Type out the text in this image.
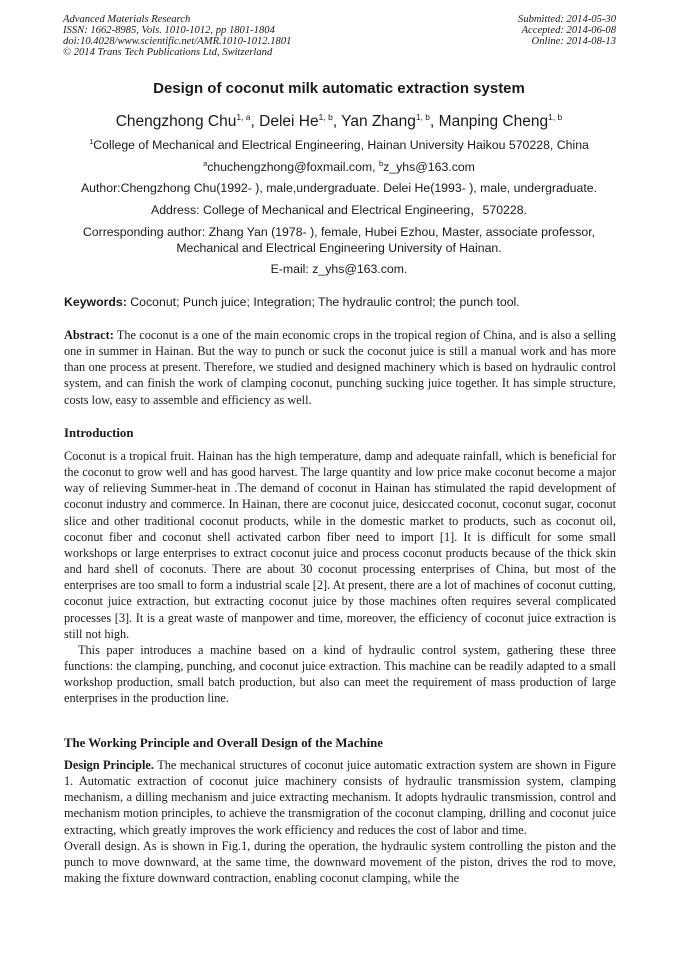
Advanced Materials Research
ISSN: 1662-8985, Vols. 1010-1012, pp 1801-1804
doi:10.4028/www.scientific.net/AMR.1010-1012.1801
© 2014 Trans Tech Publications Ltd, Switzerland
Submitted: 2014-05-30
Accepted: 2014-06-08
Online: 2014-08-13
Design of coconut milk automatic extraction system
Chengzhong Chu$^{1, a}$, Delei He$^{1, b}$, Yan Zhang$^{1, b}$, Manping Cheng$^{1, b}$
$^1$College of Mechanical and Electrical Engineering, Hainan University Haikou 570228, China
$^a$chuchengzhong@foxmail.com, $^b$z_yhs@163.com
Author:Chengzhong Chu(1992- ), male,undergraduate. Delei He(1993- ), male, undergraduate.
Address: College of Mechanical and Electrical Engineering，570228.
Corresponding author: Zhang Yan (1978- ), female, Hubei Ezhou, Master, associate professor, Mechanical and Electrical Engineering University of Hainan.
E-mail: z_yhs@163.com.
Keywords: Coconut; Punch juice; Integration; The hydraulic control; the punch tool.

Abstract: The coconut is a one of the main economic crops in the tropical region of China, and is also a selling one in summer in Hainan. But the way to punch or suck the coconut juice is still a manual work and has more than one process at present. Therefore, we studied and designed machinery which is based on hydraulic control system, and can finish the work of clamping coconut, punching sucking juice together. It has simple structure, costs low, easy to assemble and efficiency as well.

Introduction

Coconut is a tropical fruit. Hainan has the high temperature, damp and adequate rainfall, which is beneficial for the coconut to grow well and has good harvest. The large quantity and low price make coconut become a major way of relieving Summer-heat in .The demand of coconut in Hainan has stimulated the rapid development of coconut industry and commerce. In Hainan, there are coconut juice, desiccated coconut, coconut sugar, coconut slice and other traditional coconut products, while in the domestic market to products, such as coconut oil, coconut fiber and coconut shell activated carbon fiber need to import [1]. It is difficult for some small workshops or large enterprises to extract coconut juice and process coconut products because of the thick skin and hard shell of coconuts. There are about 30 coconut processing enterprises of China, but most of the enterprises are too small to form a industrial scale [2]. At present, there are a lot of machines of coconut cutting, coconut juice extraction, but extracting coconut juice by those machines often requires several complicated processes [3]. It is a great waste of manpower and time, moreover, the efficiency of coconut juice extraction is still not high.

This paper introduces a machine based on a kind of hydraulic control system, gathering these three functions: the clamping, punching, and coconut juice extraction. This machine can be readily adapted to a small workshop production, small batch production, but also can meet the requirement of mass production of large enterprises in the production line.

The Working Principle and Overall Design of the Machine

Design Principle. The mechanical structures of coconut juice automatic extraction system are shown in Figure 1. Automatic extraction of coconut juice machinery consists of hydraulic transmission system, clamping mechanism, a dilling mechanism and juice extracting mechanism. It adopts hydraulic transmission, control and mechanism motion principles, to achieve the transmigration of the coconut clamping, drilling and coconut juice extracting, which greatly improves the work efficiency and reduces the cost of labor and time.

Overall design. As is shown in Fig.1, during the operation, the hydraulic system controlling the piston and the punch to move downward, at the same time, the downward movement of the piston, drives the rod to move, making the fixture downward contraction, enabling coconut clamping, while the
